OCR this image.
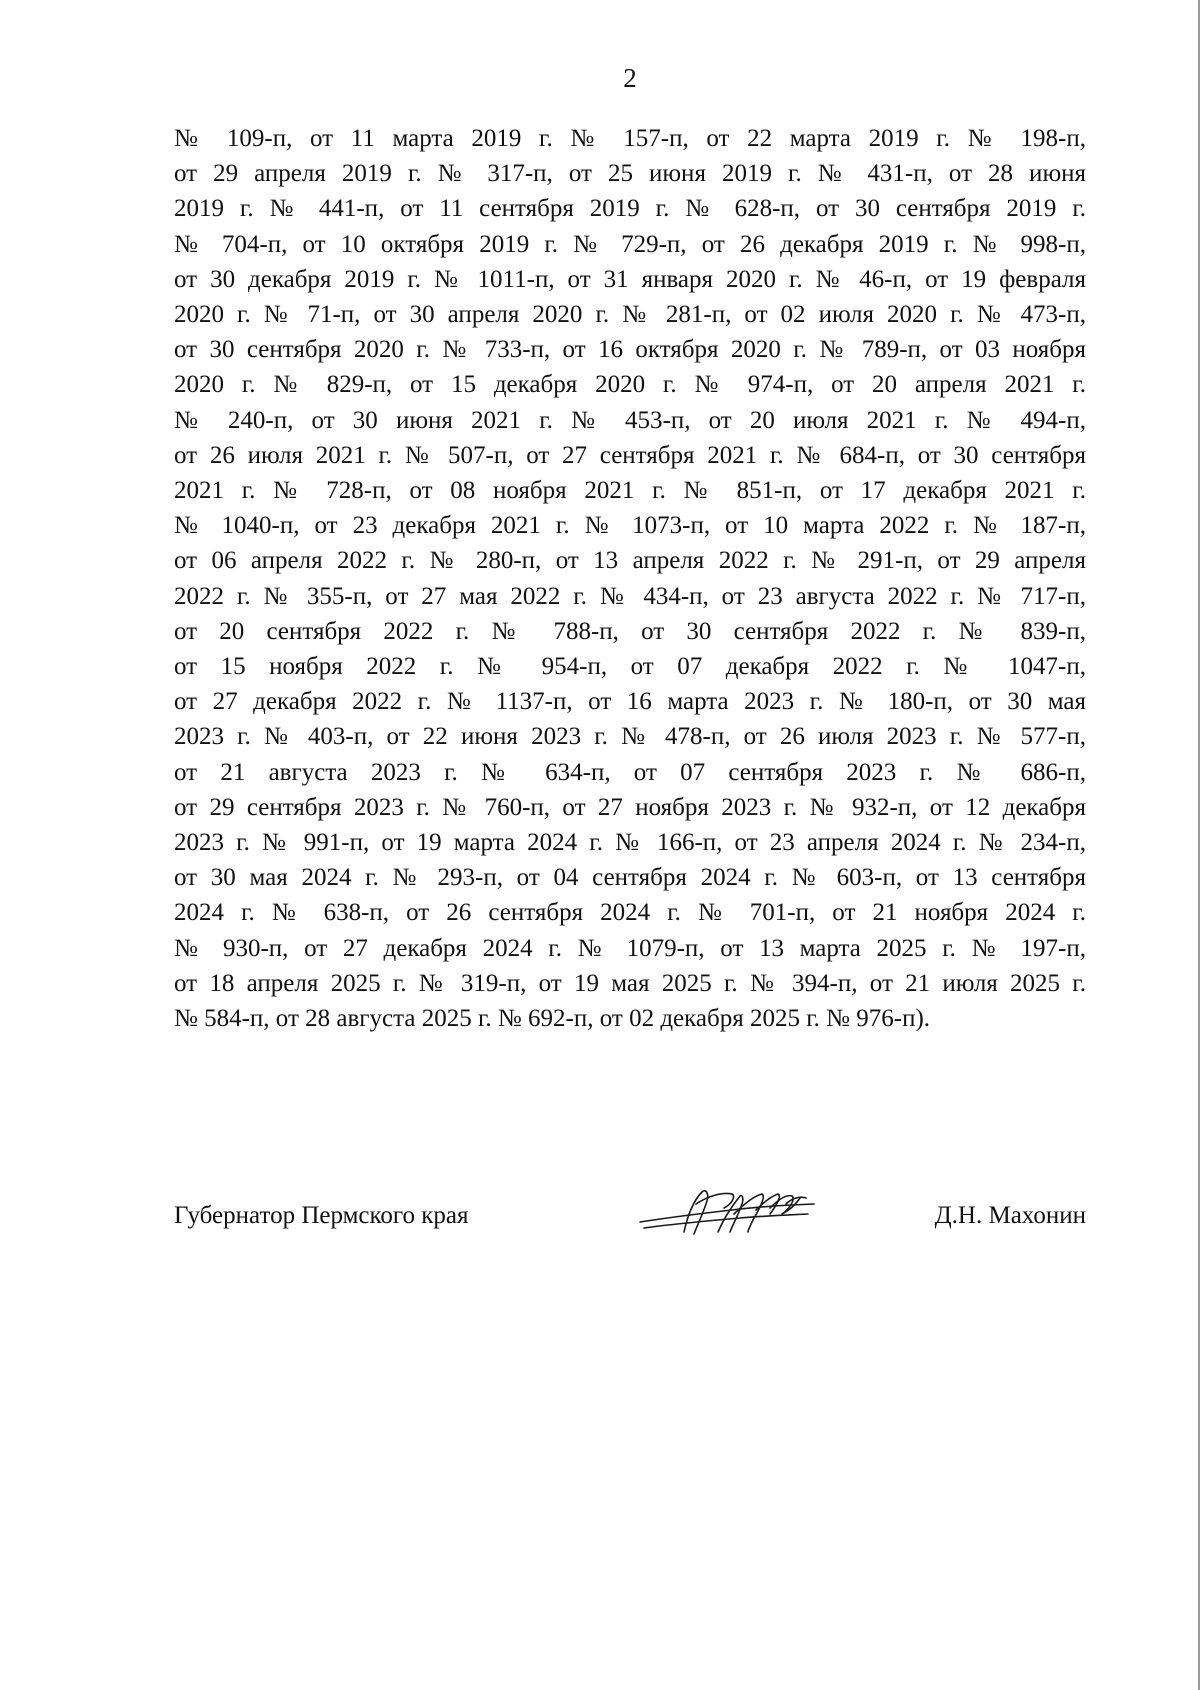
2
№ 109-п, от 11 марта 2019 г. № 157-п, от 22 марта 2019 г. № 198-п,
от 29 апреля 2019 г. № 317-п, от 25 июня 2019 г. № 431-п, от 28 июня
2019 г. № 441-п, от 11 сентября 2019 г. № 628-п, от 30 сентября 2019 г.
№ 704-п, от 10 октября 2019 г. № 729-п, от 26 декабря 2019 г. № 998-п,
от 30 декабря 2019 г. № 1011-п, от 31 января 2020 г. № 46-п, от 19 февраля
2020 г. № 71-п, от 30 апреля 2020 г. № 281-п, от 02 июля 2020 г. № 473-п,
от 30 сентября 2020 г. № 733-п, от 16 октября 2020 г. № 789-п, от 03 ноября
2020 г. № 829-п, от 15 декабря 2020 г. № 974-п, от 20 апреля 2021 г.
№ 240-п, от 30 июня 2021 г. № 453-п, от 20 июля 2021 г. № 494-п,
от 26 июля 2021 г. № 507-п, от 27 сентября 2021 г. № 684-п, от 30 сентября
2021 г. № 728-п, от 08 ноября 2021 г. № 851-п, от 17 декабря 2021 г.
№ 1040-п, от 23 декабря 2021 г. № 1073-п, от 10 марта 2022 г. № 187-п,
от 06 апреля 2022 г. № 280-п, от 13 апреля 2022 г. № 291-п, от 29 апреля
2022 г. № 355-п, от 27 мая 2022 г. № 434-п, от 23 августа 2022 г. № 717-п,
от 20 сентября 2022 г. № 788-п, от 30 сентября 2022 г. № 839-п,
от 15 ноября 2022 г. № 954-п, от 07 декабря 2022 г. № 1047-п,
от 27 декабря 2022 г. № 1137-п, от 16 марта 2023 г. № 180-п, от 30 мая
2023 г. № 403-п, от 22 июня 2023 г. № 478-п, от 26 июля 2023 г. № 577-п,
от 21 августа 2023 г. № 634-п, от 07 сентября 2023 г. № 686-п,
от 29 сентября 2023 г. № 760-п, от 27 ноября 2023 г. № 932-п, от 12 декабря
2023 г. № 991-п, от 19 марта 2024 г. № 166-п, от 23 апреля 2024 г. № 234-п,
от 30 мая 2024 г. № 293-п, от 04 сентября 2024 г. № 603-п, от 13 сентября
2024 г. № 638-п, от 26 сентября 2024 г. № 701-п, от 21 ноября 2024 г.
№ 930-п, от 27 декабря 2024 г. № 1079-п, от 13 марта 2025 г. № 197-п,
от 18 апреля 2025 г. № 319-п, от 19 мая 2025 г. № 394-п, от 21 июля 2025 г.
№ 584-п, от 28 августа 2025 г. № 692-п, от 02 декабря 2025 г. № 976-п).
Губернатор Пермского края	Д.Н. Махонин
